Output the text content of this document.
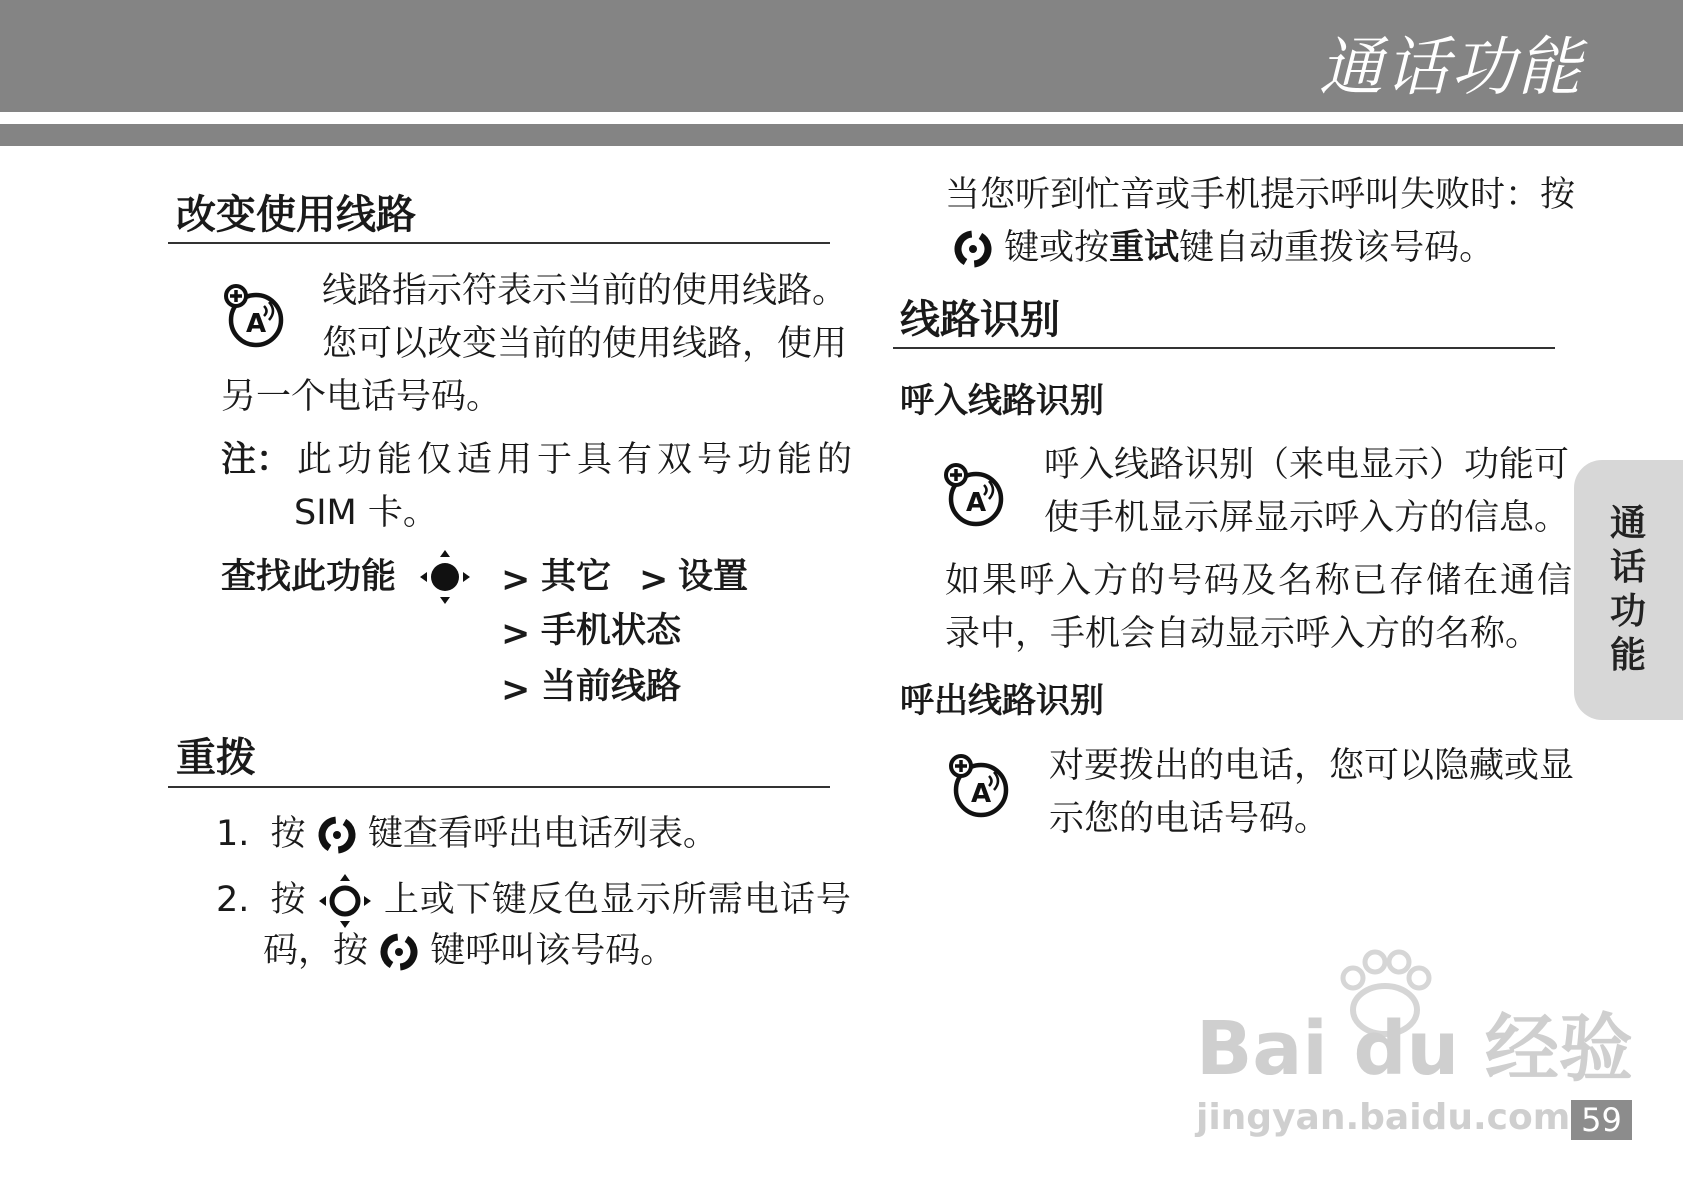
通话功能
改变使用线路
A
线路指示符表示当前的使用线路。
您可以改变当前的使用线路，使用
另一个电话号码。
注： 此功能仅适用于具有双号功能的
SIM 卡。
查找此功能	> 其它 > 设置
> 手机状态
> 当前线路
重拨
1. 按 键查看呼出电话列表。
2. 按 上或下键反色显示所需电话号
码，按 键呼叫该号码。
当您听到忙音或手机提示呼叫失败时：按
键或按重试键自动重拨该号码。
线路识别
呼入线路识别
A
呼入线路识别（来电显示）功能可
使手机显示屏显示呼入方的信息。
如果呼入方的号码及名称已存储在通信
录中，手机会自动显示呼入方的名称。
呼出线路识别
A
对要拨出的电话，您可以隐藏或显
示您的电话号码。
通话功能
Bai du 经验
jingyan.baidu.com 59
